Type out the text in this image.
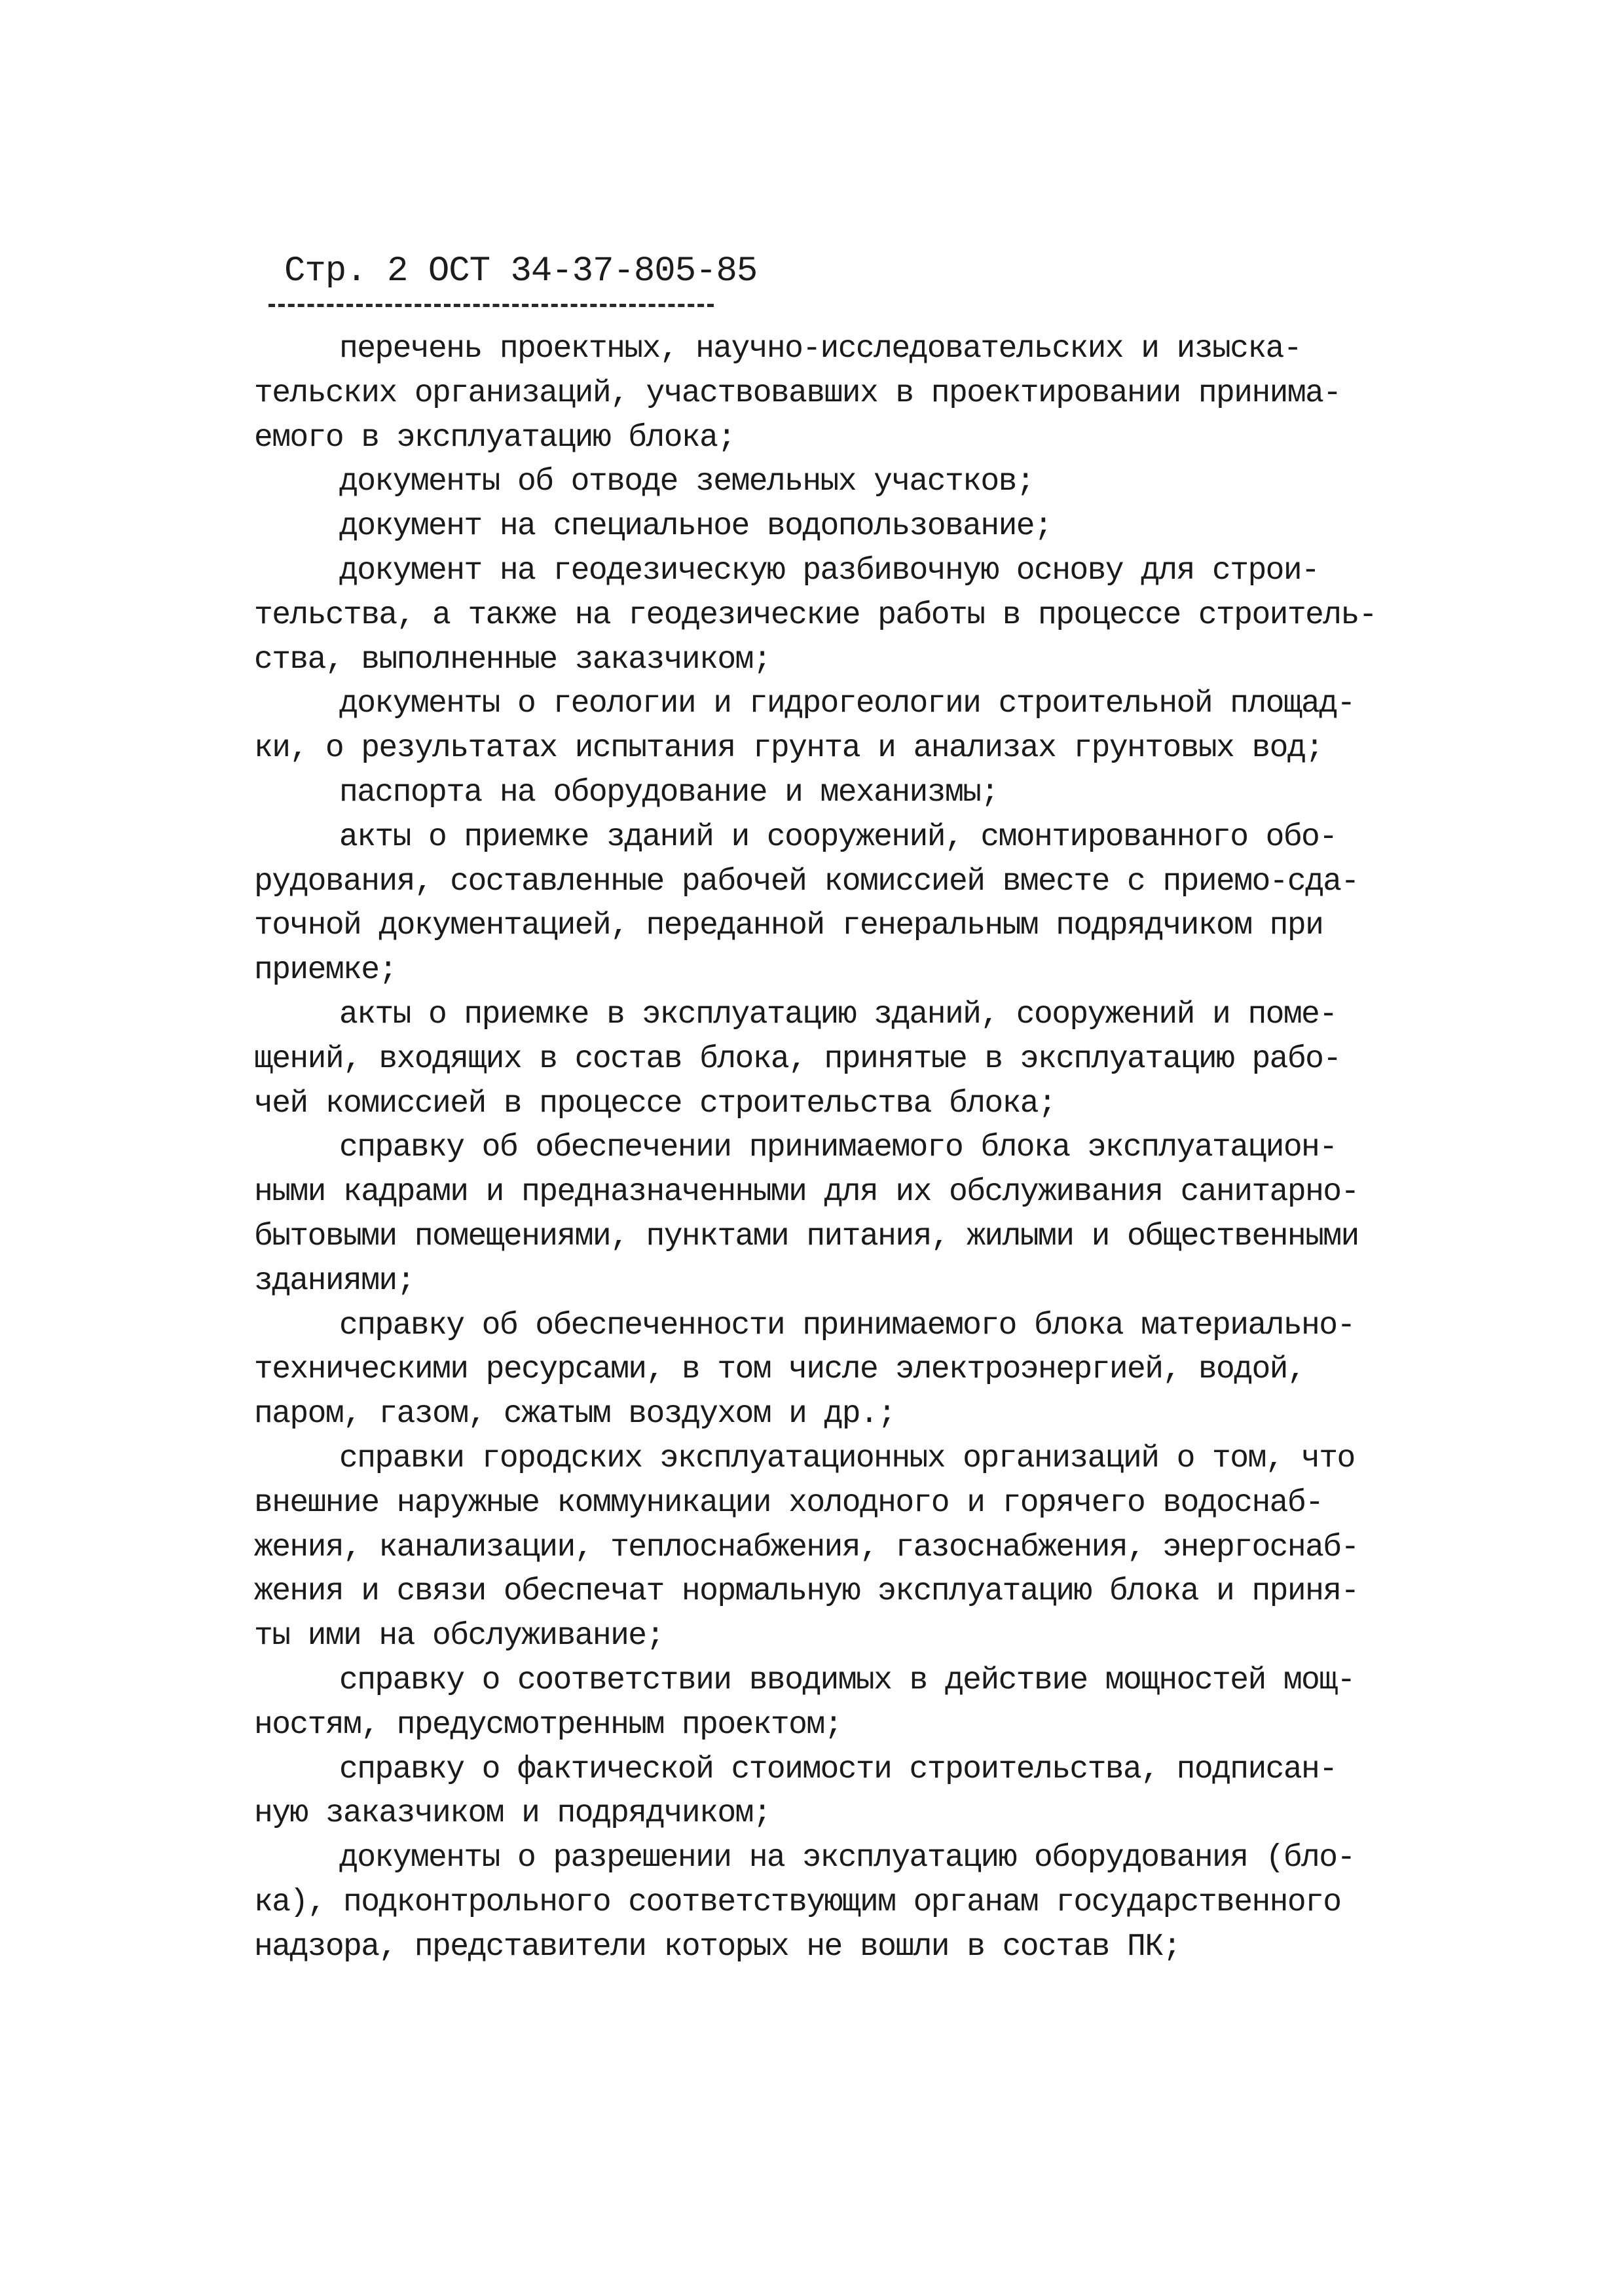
Стр. 2 ОСТ 34-37-805-85
перечень проектных, научно-исследовательских и изыска-
тельских организаций, участвовавших в проектировании принима-
емого в эксплуатацию блока;
документы об отводе земельных участков;
документ на специальное водопользование;
документ на геодезическую разбивочную основу для строи-
тельства, а также на геодезические работы в процессе строитель-
ства, выполненные заказчиком;
документы о геологии и гидрогеологии строительной площад-
ки, о результатах испытания грунта и анализах грунтовых вод;
паспорта на оборудование и механизмы;
акты о приемке зданий и сооружений, смонтированного обо-
рудования, составленные рабочей комиссией вместе с приемо-сда-
точной документацией, переданной генеральным подрядчиком при
приемке;
акты о приемке в эксплуатацию зданий, сооружений и поме-
щений, входящих в состав блока, принятые в эксплуатацию рабо-
чей комиссией в процессе строительства блока;
справку об обеспечении принимаемого блока эксплуатацион-
ными кадрами и предназначенными для их обслуживания санитарно-
бытовыми помещениями, пунктами питания, жилыми и общественными
зданиями;
справку об обеспеченности принимаемого блока материально-
техническими ресурсами, в том числе электроэнергией, водой,
паром, газом, сжатым воздухом и др.;
справки городских эксплуатационных организаций о том, что
внешние наружные коммуникации холодного и горячего водоснаб-
жения, канализации, теплоснабжения, газоснабжения, энергоснаб-
жения и связи обеспечат нормальную эксплуатацию блока и приня-
ты ими на обслуживание;
справку о соответствии вводимых в действие мощностей мощ-
ностям, предусмотренным проектом;
справку о фактической стоимости строительства, подписан-
ную заказчиком и подрядчиком;
документы о разрешении на эксплуатацию оборудования (бло-
ка), подконтрольного соответствующим органам государственного
надзора, представители которых не вошли в состав ПК;
